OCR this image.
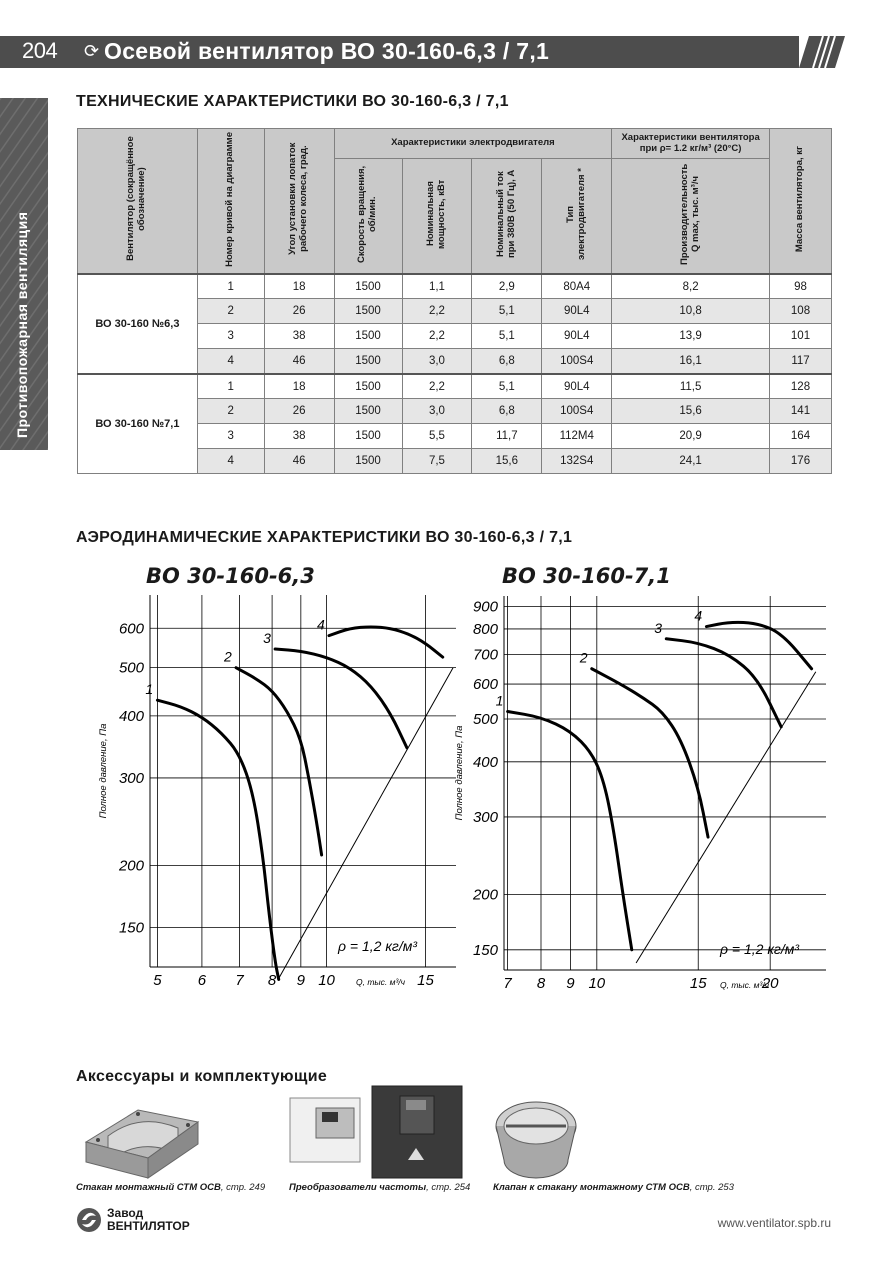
204 ⟳ Осевой вентилятор ВО 30-160-6,3 / 7,1
Противопожарная вентиляция
ТЕХНИЧЕСКИЕ ХАРАКТЕРИСТИКИ ВО 30-160-6,3 / 7,1
Вентилятор (сокращённое обозначение)	Номер кривой на диаграмме	Угол установки лопаток рабочего колеса, град.	Характеристики электродвигателя				Характеристики вентилятора при ρ= 1.2 кг/м³ (20°С)	Масса вентилятора, кг
			Скорость вращения, об/мин.	Номинальная мощность, кВт	Номинальный ток при 380В (50 Гц), А	Тип электродвигателя *	Производительность Q max, тыс. м³/ч	
ВО 30-160 №6,3	1	18	1500	1,1	2,9	80А4	8,2	98
	2	26	1500	2,2	5,1	90L4	10,8	108
	3	38	1500	2,2	5,1	90L4	13,9	101
	4	46	1500	3,0	6,8	100S4	16,1	117
ВО 30-160 №7,1	1	18	1500	2,2	5,1	90L4	11,5	128
	2	26	1500	3,0	6,8	100S4	15,6	141
	3	38	1500	5,5	11,7	112М4	20,9	164
	4	46	1500	7,5	15,6	132S4	24,1	176
АЭРОДИНАМИЧЕСКИЕ ХАРАКТЕРИСТИКИ ВО 30-160-6,3 / 7,1
ВО 30-160-6,3	ВО 30-160-7,1
5 6 7 8 9 10	15
150
200
300
400
500
600
Q, тыс. м³/ч
Полное давление, Па
1
2
3
4
ρ = 1,2 кг/м³
7 8 9 10	15	20
150
200
300
400
500
600
700
800
900
Q, тыс. м³/ч
Полное давление, Па
1
2
3
4
ρ = 1,2 кг/м³
Аксессуары и комплектующие
Стакан монтажный СТМ ОСВ, стр. 249	Преобразователи частоты, стр. 254 Клапан к стакану монтажному СТМ ОСВ, стр. 253
Завод
ВЕНТИЛЯТОР	www.ventilator.spb.ru
